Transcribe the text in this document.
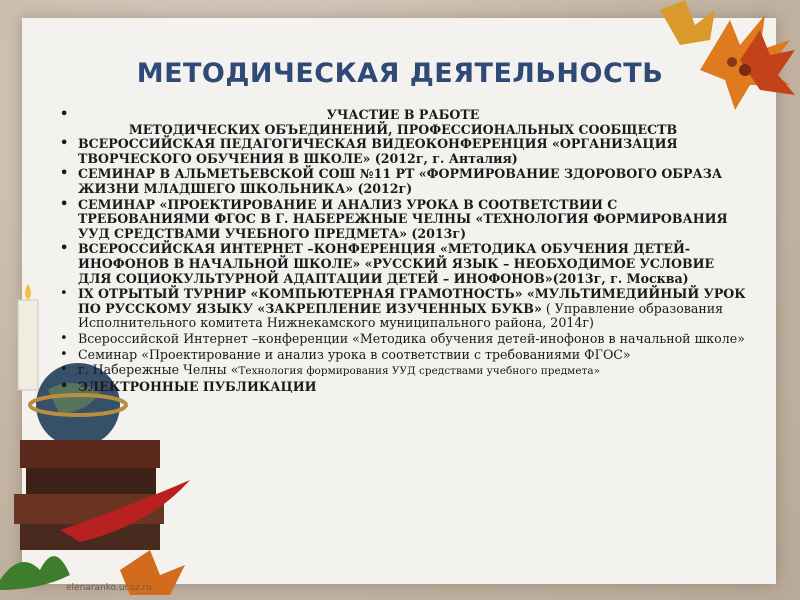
МЕТОДИЧЕСКАЯ ДЕЯТЕЛЬНОСТЬ
• УЧАСТИЕ В РАБОТЕ
МЕТОДИЧЕСКИХ ОБЪЕДИНЕНИЙ, ПРОФЕССИОНАЛЬНЫХ СООБЩЕСТВ
• ВСЕРОССИЙСКАЯ ПЕДАГОГИЧЕСКАЯ ВИДЕОКОНФЕРЕНЦИЯ «ОРГАНИЗАЦИЯ ТВОРЧЕСКОГО ОБУЧЕНИЯ В ШКОЛЕ» (2012г, г. Анталия)
• СЕМИНАР В АЛЬМЕТЬЕВСКОЙ СОШ №11 РТ «ФОРМИРОВАНИЕ ЗДОРОВОГО ОБРАЗА ЖИЗНИ МЛАДШЕГО ШКОЛЬНИКА» (2012г)
• СЕМИНАР «ПРОЕКТИРОВАНИЕ И АНАЛИЗ УРОКА В СООТВЕТСТВИИ С ТРЕБОВАНИЯМИ ФГОС В Г. НАБЕРЕЖНЫЕ ЧЕЛНЫ «ТЕХНОЛОГИЯ ФОРМИРОВАНИЯ УУД СРЕДСТВАМИ УЧЕБНОГО ПРЕДМЕТА» (2013г)
• ВСЕРОССИЙСКАЯ ИНТЕРНЕТ –КОНФЕРЕНЦИЯ «МЕТОДИКА ОБУЧЕНИЯ ДЕТЕЙ-ИНОФОНОВ В НАЧАЛЬНОЙ ШКОЛЕ» «РУССКИЙ ЯЗЫК – НЕОБХОДИМОЕ УСЛОВИЕ ДЛЯ СОЦИОКУЛЬТУРНОЙ АДАПТАЦИИ ДЕТЕЙ – ИНОФОНОВ»(2013г, г. Москва)
• IX ОТРЫТЫЙ ТУРНИР «КОМПЬЮТЕРНАЯ ГРАМОТНОСТЬ» «МУЛЬТИМЕДИЙНЫЙ УРОК ПО РУССКОМУ ЯЗЫКУ «ЗАКРЕПЛЕНИЕ ИЗУЧЕННЫХ БУКВ» ( Управление образования Исполнительного комитета Нижнекамского муниципального района, 2014г)
• Всероссийской Интернет –конференции «Методика обучения детей-инофонов в начальной школе»
• Семинар «Проектирование и анализ урока в соответствии с требованиями ФГОС»
• г. Набережные Челны «Технология формирования УУД средствами учебного предмета»
• ЭЛЕКТРОННЫЕ ПУБЛИКАЦИИ
elenaranko.ucoz.ru
